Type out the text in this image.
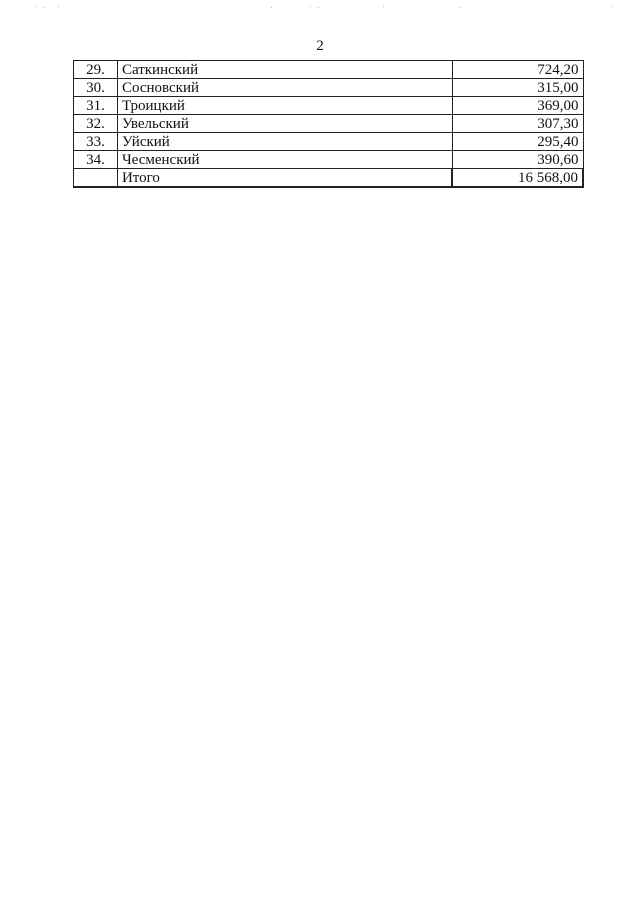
2
29.	Саткинский	724,20
30.	Сосновский	315,00
31.	Троицкий	369,00
32.	Увельский	307,30
33.	Уйский	295,40
34.	Чесменский	390,60
	Итого	16 568,00
